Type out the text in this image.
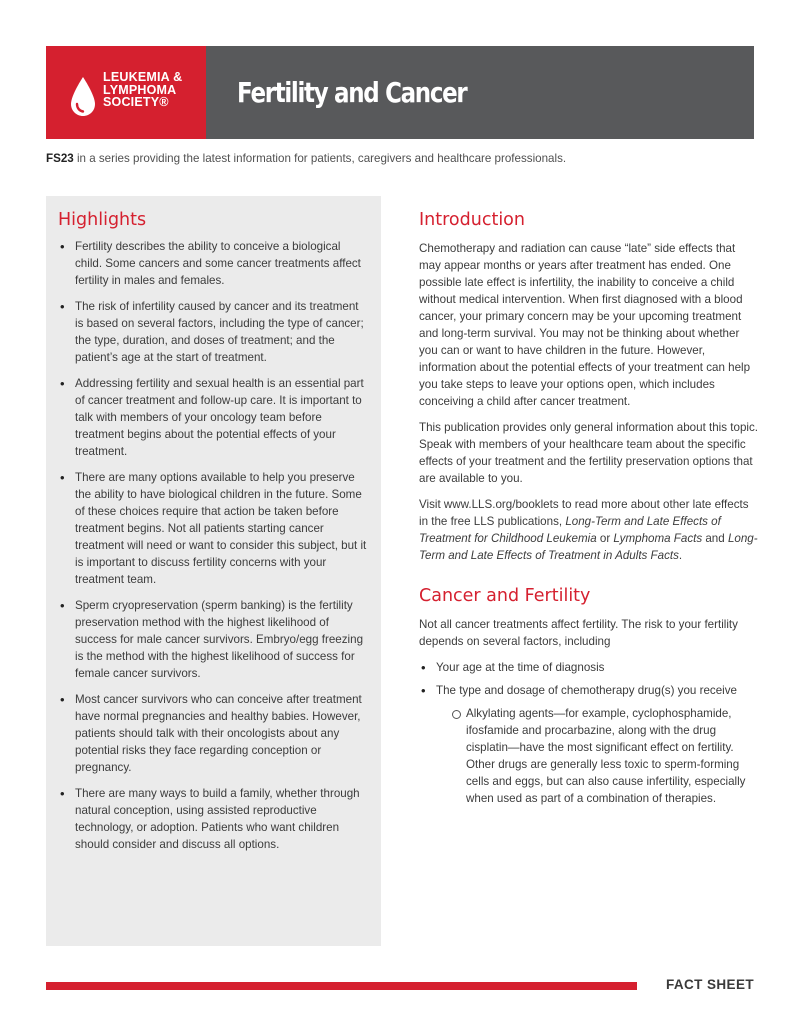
LEUKEMIA &
LYMPHOMA
SOCIETY®	Fertility and Cancer
FS23 in a series providing the latest information for patients, caregivers and healthcare professionals.
Highlights
• Fertility describes the ability to conceive a biological child. Some cancers and some cancer treatments affect fertility in males and females.
• The risk of infertility caused by cancer and its treatment is based on several factors, including the type of cancer; the type, duration, and doses of treatment; and the patient’s age at the start of treatment.
• Addressing fertility and sexual health is an essential part of cancer treatment and follow-up care. It is important to talk with members of your oncology team before treatment begins about the potential effects of your treatment.
• There are many options available to help you preserve the ability to have biological children in the future. Some of these choices require that action be taken before treatment begins. Not all patients starting cancer treatment will need or want to consider this subject, but it is important to discuss fertility concerns with your treatment team.
• Sperm cryopreservation (sperm banking) is the fertility preservation method with the highest likelihood of success for male cancer survivors. Embryo/egg freezing is the method with the highest likelihood of success for female cancer survivors.
• Most cancer survivors who can conceive after treatment have normal pregnancies and healthy babies. However, patients should talk with their oncologists about any potential risks they face regarding conception or pregnancy.
• There are many ways to build a family, whether through natural conception, using assisted reproductive technology, or adoption. Patients who want children should consider and discuss all options.
Introduction

Chemotherapy and radiation can cause “late” side effects that may appear months or years after treatment has ended. One possible late effect is infertility, the inability to conceive a child without medical intervention. When first diagnosed with a blood cancer, your primary concern may be your upcoming treatment and long-term survival. You may not be thinking about whether you can or want to have children in the future. However, information about the potential effects of your treatment can help you take steps to leave your options open, which includes conceiving a child after cancer treatment.

This publication provides only general information about this topic. Speak with members of your healthcare team about the specific effects of your treatment and the fertility preservation options that are available to you.

Visit www.LLS.org/booklets to read more about other late effects in the free LLS publications, Long-Term and Late Effects of Treatment for Childhood Leukemia or Lymphoma Facts and Long-Term and Late Effects of Treatment in Adults Facts.

Cancer and Fertility

Not all cancer treatments affect fertility. The risk to your fertility depends on several factors, including

• Your age at the time of diagnosis
• The type and dosage of chemotherapy drug(s) you receive
Alkylating agents—for example, cyclophosphamide, ifosfamide and procarbazine, along with the drug cisplatin—have the most significant effect on fertility. Other drugs are generally less toxic to sperm-forming cells and eggs, but can also cause infertility, especially when used as part of a combination of therapies.
FACT SHEET
